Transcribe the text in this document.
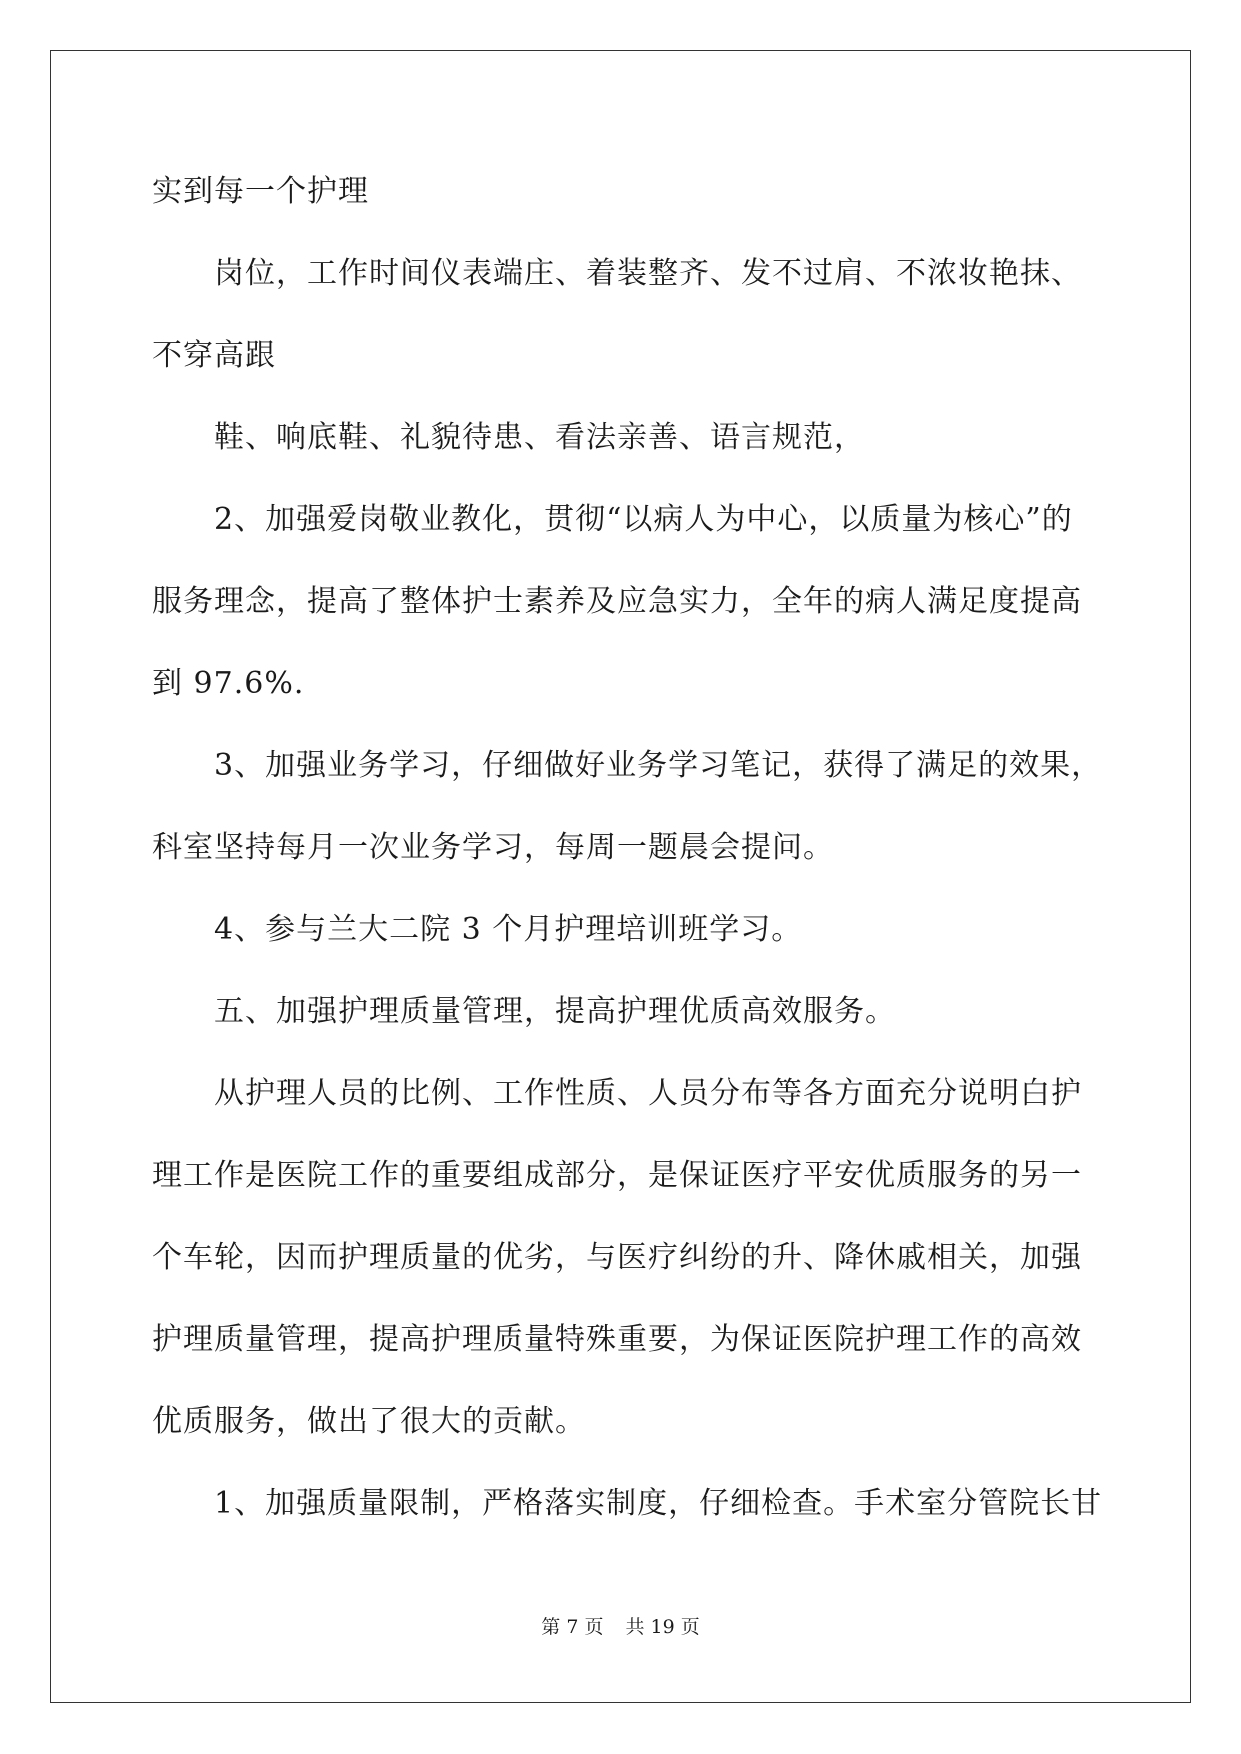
实到每一个护理
岗位，工作时间仪表端庄、着装整齐、发不过肩、不浓妆艳抹、
不穿高跟
鞋、响底鞋、礼貌待患、看法亲善、语言规范，
2、加强爱岗敬业教化，贯彻“以病人为中心，以质量为核心”的
服务理念，提高了整体护士素养及应急实力，全年的病人满足度提高
到 97.6%.
3、加强业务学习，仔细做好业务学习笔记，获得了满足的效果，
科室坚持每月一次业务学习，每周一题晨会提问。
4、参与兰大二院 3 个月护理培训班学习。
五、加强护理质量管理，提高护理优质高效服务。
从护理人员的比例、工作性质、人员分布等各方面充分说明白护
理工作是医院工作的重要组成部分，是保证医疗平安优质服务的另一
个车轮，因而护理质量的优劣，与医疗纠纷的升、降休戚相关，加强
护理质量管理，提高护理质量特殊重要，为保证医院护理工作的高效
优质服务，做出了很大的贡献。
1、加强质量限制，严格落实制度，仔细检查。手术室分管院长甘
第 7 页 共 19 页
